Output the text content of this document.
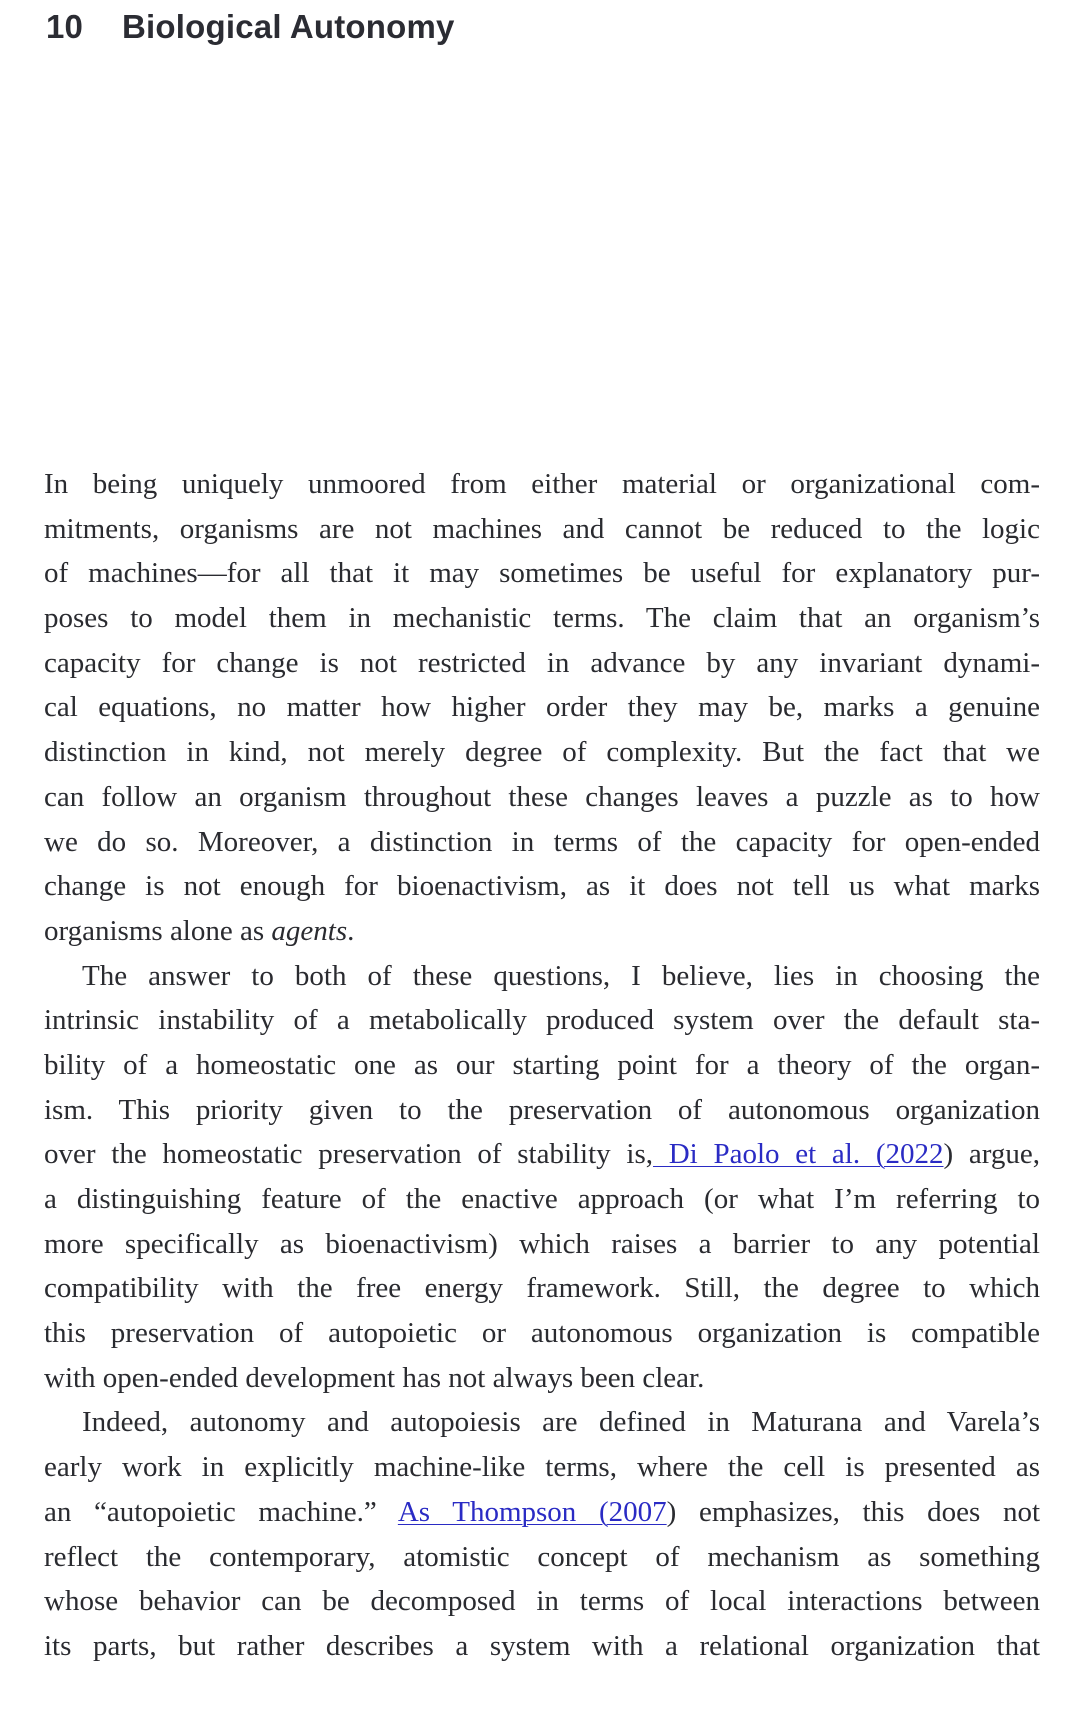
10 Biological Autonomy
In being uniquely unmoored from either material or organizational com-
mitments, organisms are not machines and cannot be reduced to the logic
of machines—for all that it may sometimes be useful for explanatory pur-
poses to model them in mechanistic terms. The claim that an organism’s
capacity for change is not restricted in advance by any invariant dynami-
cal equations, no matter how higher order they may be, marks a genuine
distinction in kind, not merely degree of complexity. But the fact that we
can follow an organism throughout these changes leaves a puzzle as to how
we do so. Moreover, a distinction in terms of the capacity for open-ended
change is not enough for bioenactivism, as it does not tell us what marks
organisms alone as agents.
The answer to both of these questions, I believe, lies in choosing the
intrinsic instability of a metabolically produced system over the default sta-
bility of a homeostatic one as our starting point for a theory of the organ-
ism. This priority given to the preservation of autonomous organization
over the homeostatic preservation of stability is, Di Paolo et al. (2022) argue,
a distinguishing feature of the enactive approach (or what I’m referring to
more specifically as bioenactivism) which raises a barrier to any potential
compatibility with the free energy framework. Still, the degree to which
this preservation of autopoietic or autonomous organization is compatible
with open-ended development has not always been clear.
Indeed, autonomy and autopoiesis are defined in Maturana and Varela’s
early work in explicitly machine-like terms, where the cell is presented as
an “autopoietic machine.” As Thompson (2007) emphasizes, this does not
reflect the contemporary, atomistic concept of mechanism as something
whose behavior can be decomposed in terms of local interactions between
its parts, but rather describes a system with a relational organization that
